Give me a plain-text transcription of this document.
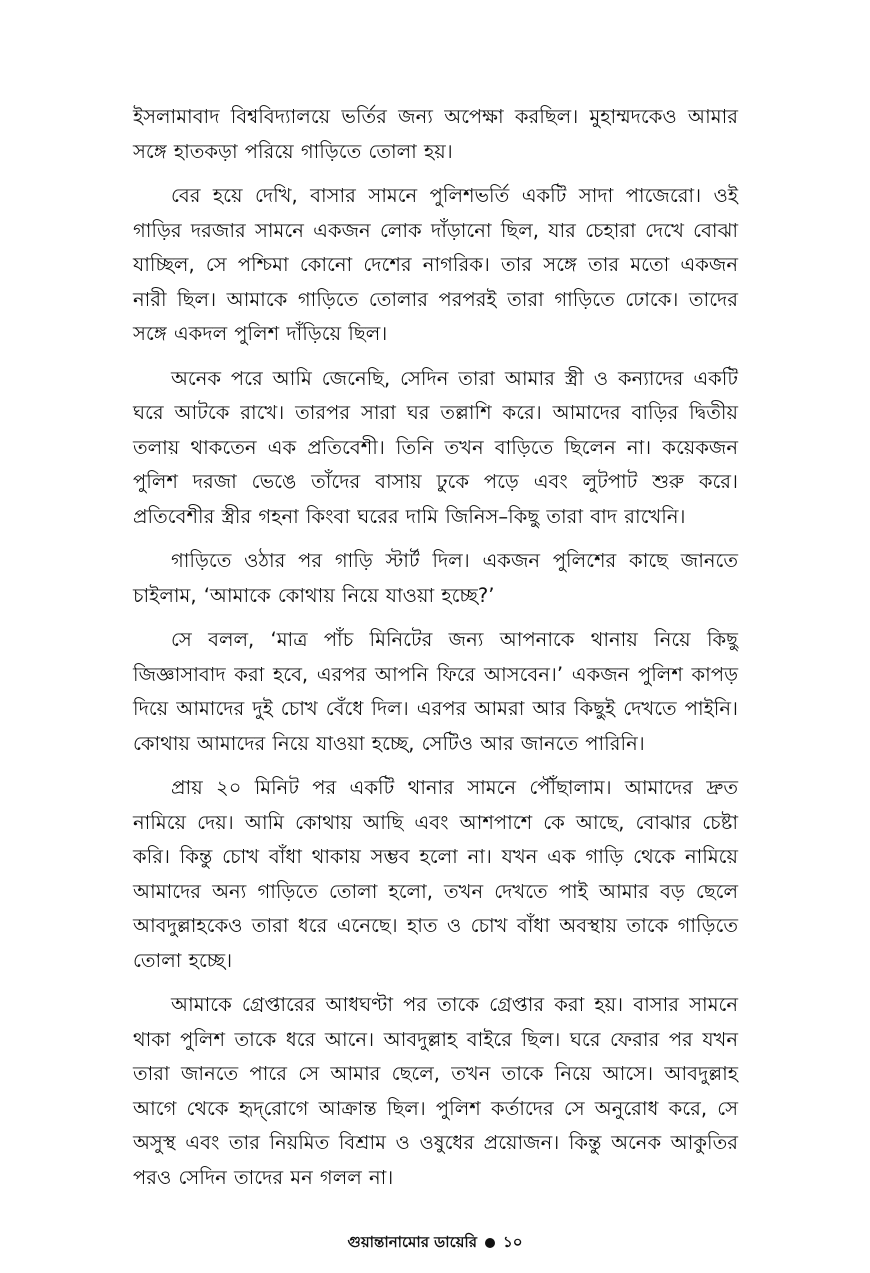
ইসলামাবাদ বিশ্ববিদ্যালয়ে ভর্তির জন্য অপেক্ষা করছিল। মুহাম্মদকেও আমার সঙ্গে হাতকড়া পরিয়ে গাড়িতে তোলা হয়।

বের হয়ে দেখি, বাসার সামনে পুলিশভর্তি একটি সাদা পাজেরো। ওই গাড়ির দরজার সামনে একজন লোক দাঁড়ানো ছিল, যার চেহারা দেখে বোঝা যাচ্ছিল, সে পশ্চিমা কোনো দেশের নাগরিক। তার সঙ্গে তার মতো একজন নারী ছিল। আমাকে গাড়িতে তোলার পরপরই তারা গাড়িতে ঢোকে। তাদের সঙ্গে একদল পুলিশ দাঁড়িয়ে ছিল।

অনেক পরে আমি জেনেছি, সেদিন তারা আমার স্ত্রী ও কন্যাদের একটি ঘরে আটকে রাখে। তারপর সারা ঘর তল্লাশি করে। আমাদের বাড়ির দ্বিতীয় তলায় থাকতেন এক প্রতিবেশী। তিনি তখন বাড়িতে ছিলেন না। কয়েকজন পুলিশ দরজা ভেঙে তাঁদের বাসায় ঢুকে পড়ে এবং লুটপাট শুরু করে। প্রতিবেশীর স্ত্রীর গহনা কিংবা ঘরের দামি জিনিস–কিছু তারা বাদ রাখেনি।

গাড়িতে ওঠার পর গাড়ি স্টার্ট দিল। একজন পুলিশের কাছে জানতে চাইলাম, ‘আমাকে কোথায় নিয়ে যাওয়া হচ্ছে?’

সে বলল, ‘মাত্র পাঁচ মিনিটের জন্য আপনাকে থানায় নিয়ে কিছু জিজ্ঞাসাবাদ করা হবে, এরপর আপনি ফিরে আসবেন।’ একজন পুলিশ কাপড় দিয়ে আমাদের দুই চোখ বেঁধে দিল। এরপর আমরা আর কিছুই দেখতে পাইনি। কোথায় আমাদের নিয়ে যাওয়া হচ্ছে, সেটিও আর জানতে পারিনি।

প্রায় ২০ মিনিট পর একটি থানার সামনে পৌঁছালাম। আমাদের দ্রুত নামিয়ে দেয়। আমি কোথায় আছি এবং আশপাশে কে আছে, বোঝার চেষ্টা করি। কিন্তু চোখ বাঁধা থাকায় সম্ভব হলো না। যখন এক গাড়ি থেকে নামিয়ে আমাদের অন্য গাড়িতে তোলা হলো, তখন দেখতে পাই আমার বড় ছেলে আবদুল্লাহকেও তারা ধরে এনেছে। হাত ও চোখ বাঁধা অবস্থায় তাকে গাড়িতে তোলা হচ্ছে।

আমাকে গ্রেপ্তারের আধঘণ্টা পর তাকে গ্রেপ্তার করা হয়। বাসার সামনে থাকা পুলিশ তাকে ধরে আনে। আবদুল্লাহ বাইরে ছিল। ঘরে ফেরার পর যখন তারা জানতে পারে সে আমার ছেলে, তখন তাকে নিয়ে আসে। আবদুল্লাহ আগে থেকে হৃদ্‌রোগে আক্রান্ত ছিল। পুলিশ কর্তাদের সে অনুরোধ করে, সে অসুস্থ এবং তার নিয়মিত বিশ্রাম ও ওষুধের প্রয়োজন। কিন্তু অনেক আকুতির পরও সেদিন তাদের মন গলল না।

গুয়ান্তানামোর ডায়েরি ১০
